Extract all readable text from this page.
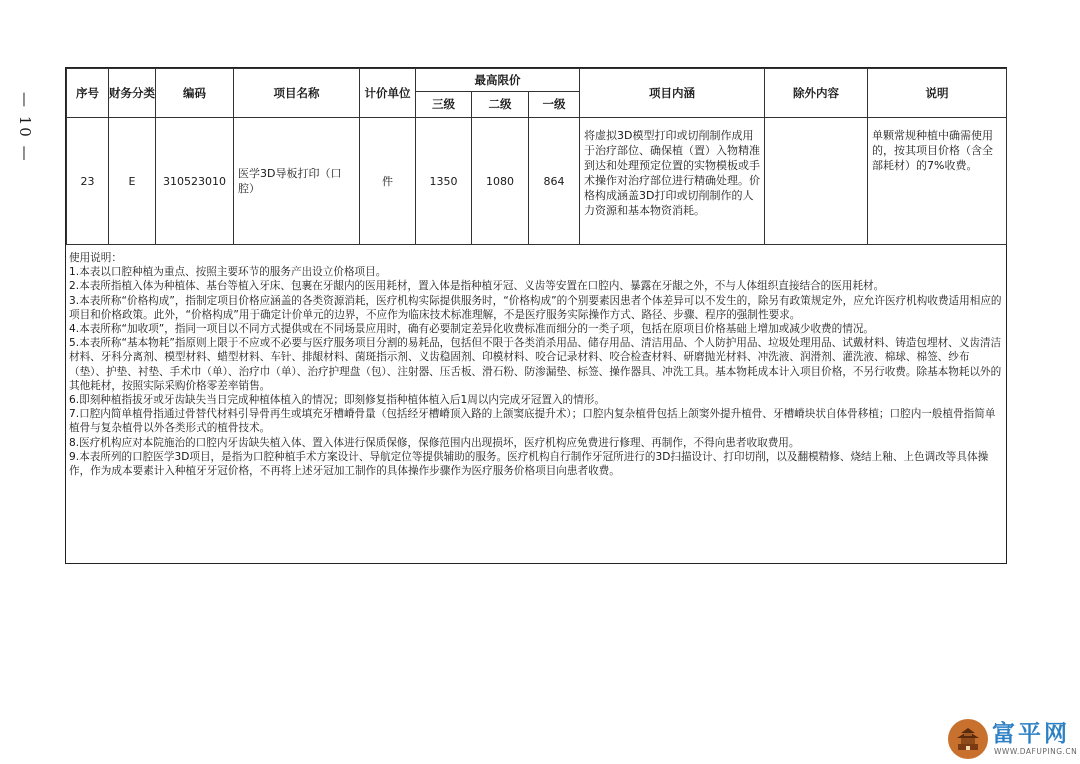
— 10 —	序号	财务分类	编码	项目名称	计价单位	最高限价			项目内涵	除外内容	说明
					三级	二级	一级			
23	E	310523010	医学3D导板打印（口腔）	件	1350	1080	864	将虚拟3D模型打印或切削制作成用于治疗部位、确保植（置）入物精准到达和处理预定位置的实物模板或手术操作对治疗部位进行精确处理。价格构成涵盖3D打印或切削制作的人力资源和基本物资消耗。		单颗常规种植中确需使用的，按其项目价格（含全部耗材）的7%收费。

使用说明：

1.本表以口腔种植为重点、按照主要环节的服务产出设立价格项目。

2.本表所指植入体为种植体、基台等植入牙床、包裹在牙龈内的医用耗材，置入体是指种植牙冠、义齿等安置在口腔内、暴露在牙龈之外，不与人体组织直接结合的医用耗材。

3.本表所称“价格构成”，指制定项目价格应涵盖的各类资源消耗，医疗机构实际提供服务时，“价格构成”的个别要素因患者个体差异可以不发生的，除另有政策规定外，应允许医疗机构收费适用相应的项目和价格政策。此外，“价格构成”用于确定计价单元的边界，不应作为临床技术标准理解，不是医疗服务实际操作方式、路径、步骤、程序的强制性要求。

4.本表所称“加收项”，指同一项目以不同方式提供或在不同场景应用时，确有必要制定差异化收费标准而细分的一类子项，包括在原项目价格基础上增加或减少收费的情况。

5.本表所称“基本物耗”指原则上限于不应或不必要与医疗服务项目分割的易耗品，包括但不限于各类消杀用品、储存用品、清洁用品、个人防护用品、垃圾处理用品、试戴材料、铸造包埋材、义齿清洁材料、牙科分离剂、模型材料、蜡型材料、车针、排龈材料、菌斑指示剂、义齿稳固剂、印模材料、咬合记录材料、咬合检查材料、研磨抛光材料、冲洗液、润滑剂、灌洗液、棉球、棉签、纱布（垫）、护垫、衬垫、手术巾（单）、治疗巾（单）、治疗护理盘（包）、注射器、压舌板、滑石粉、防渗漏垫、标签、操作器具、冲洗工具。基本物耗成本计入项目价格，不另行收费。除基本物耗以外的其他耗材，按照实际采购价格零差率销售。

6.即刻种植指拔牙或牙齿缺失当日完成种植体植入的情况；即刻修复指种植体植入后1周以内完成牙冠置入的情形。

7.口腔内简单植骨指通过骨替代材料引导骨再生或填充牙槽嵴骨量（包括经牙槽嵴顶入路的上颌窦底提升术）；口腔内复杂植骨包括上颌窦外提升植骨、牙槽嵴块状自体骨移植；口腔内一般植骨指简单植骨与复杂植骨以外各类形式的植骨技术。

8.医疗机构应对本院施治的口腔内牙齿缺失植入体、置入体进行保质保修，保修范围内出现损坏，医疗机构应免费进行修理、再制作，不得向患者收取费用。

9.本表所列的口腔医学3D项目，是指为口腔种植手术方案设计、导航定位等提供辅助的服务。医疗机构自行制作牙冠所进行的3D扫描设计、打印切削，以及翻模精修、烧结上釉、上色调改等具体操作，作为成本要素计入种植牙牙冠价格，不再将上述牙冠加工制作的具体操作步骤作为医疗服务价格项目向患者收费。

富平网
WWW.DAFUPING.CN
